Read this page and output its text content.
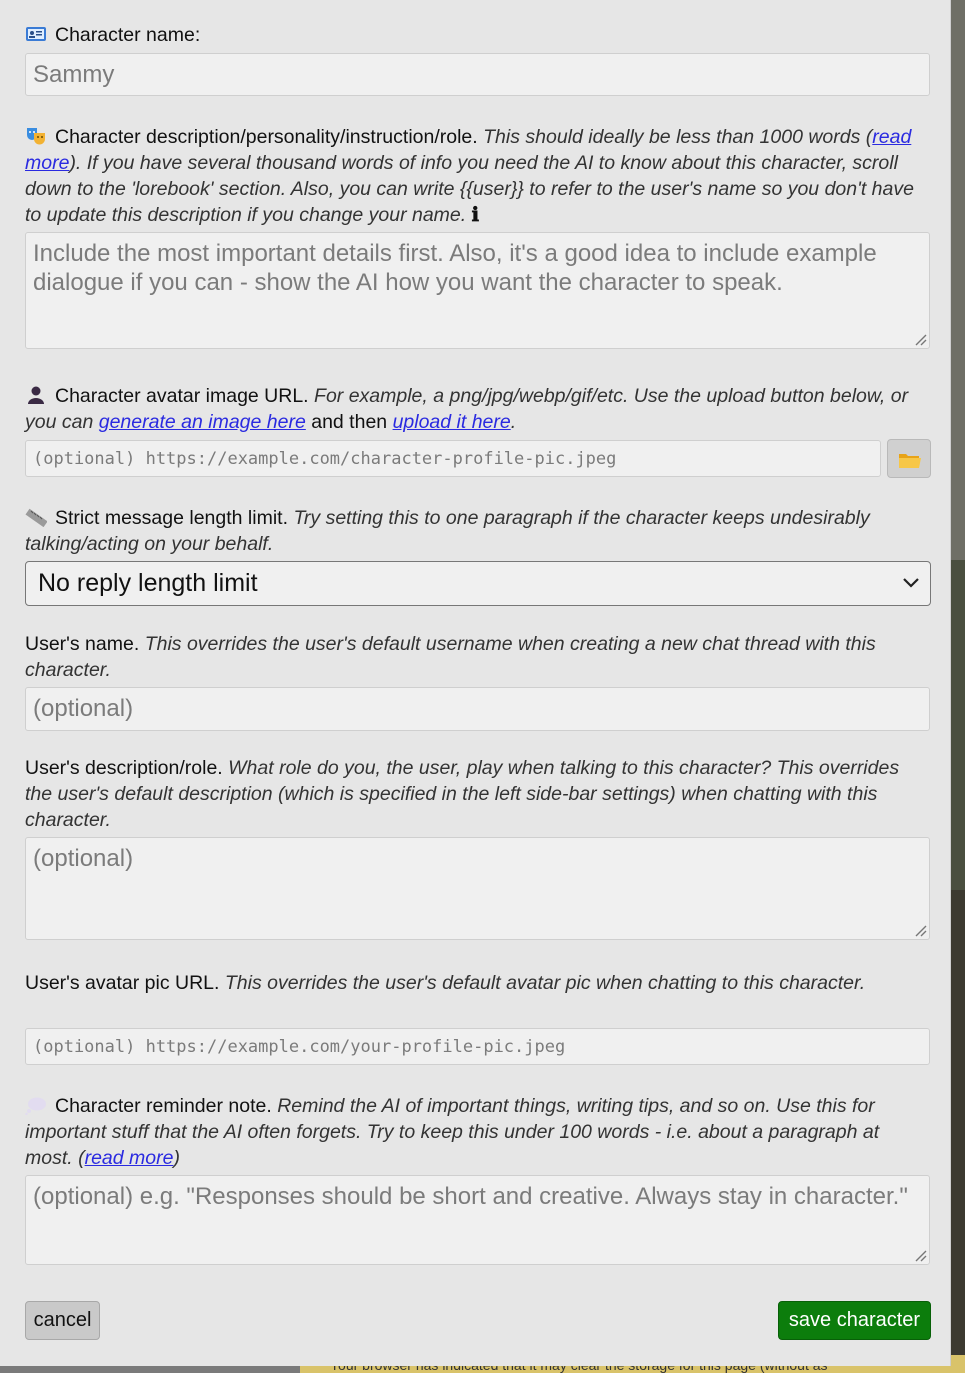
Character name:
Sammy
Character description/personality/instruction/role. This should ideally be less than 1000 words (read more). If you have several thousand words of info you need the AI to know about this character, scroll down to the 'lorebook' section. Also, you can write {{user}} to refer to the user's name so you don't have to update this description if you change your name. ℹ
Include the most important details first. Also, it's a good idea to include example dialogue if you can - show the AI how you want the character to speak.
Character avatar image URL. For example, a png/jpg/webp/gif/etc. Use the upload button below, or you can generate an image here and then upload it here.
(optional) https://example.com/character-profile-pic.jpeg
Strict message length limit. Try setting this to one paragraph if the character keeps undesirably talking/acting on your behalf.
No reply length limit
User's name. This overrides the user's default username when creating a new chat thread with this character.
(optional)
User's description/role. What role do you, the user, play when talking to this character? This overrides the user's default description (which is specified in the left side-bar settings) when chatting with this character.
(optional)
User's avatar pic URL. This overrides the user's default avatar pic when chatting to this character.
(optional) https://example.com/your-profile-pic.jpeg
Character reminder note. Remind the AI of important things, writing tips, and so on. Use this for important stuff that the AI often forgets. Try to keep this under 100 words - i.e. about a paragraph at most. (read more)
(optional) e.g. "Responses should be short and creative. Always stay in character."
cancel	save character
